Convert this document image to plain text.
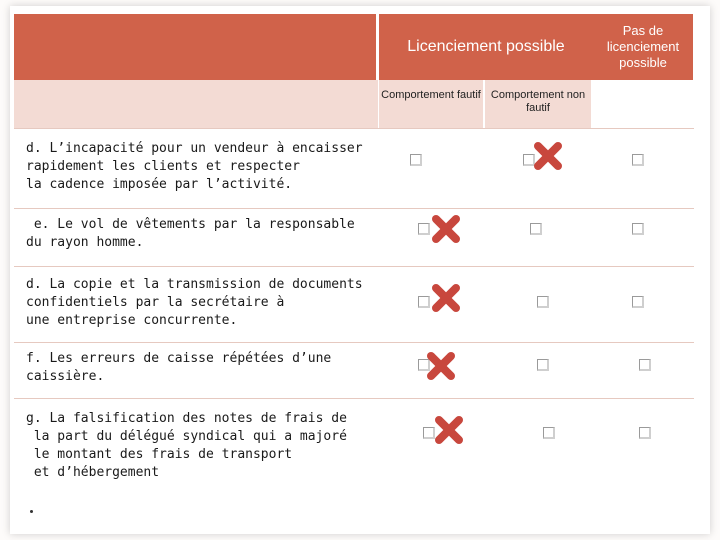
Licenciement possible
Pas de licenciement possible
Comportement fautif Comportement non fautif
d. L’incapacité pour un vendeur à encaisser
rapidement les clients et respecter
la cadence imposée par l’activité.
e. Le vol de vêtements par la responsable
du rayon homme.
d. La copie et la transmission de documents
confidentiels par la secrétaire à
une entreprise concurrente.
f. Les erreurs de caisse répétées d’une
caissière.
g. La falsification des notes de frais de
la part du délégué syndical qui a majoré
le montant des frais de transport
et d’hébergement
